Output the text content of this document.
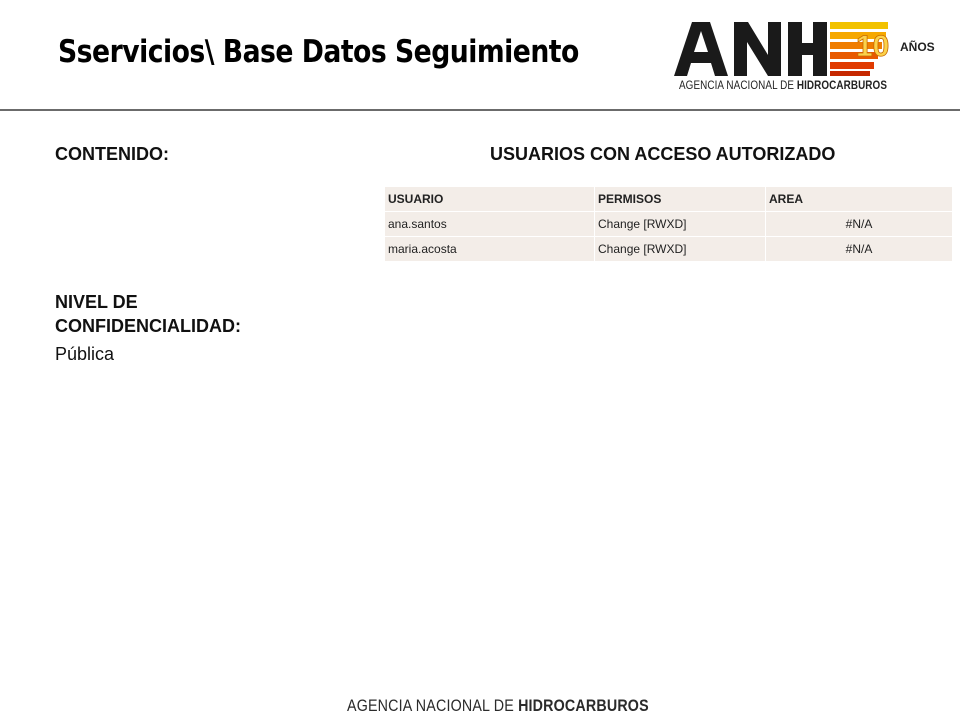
Sservicios\ Base Datos Seguimiento	10 AÑOS
AGENCIA NACIONAL DE HIDROCARBUROS

CONTENIDO:	USUARIOS CON ACCESO AUTORIZADO

USUARIO	PERMISOS	AREA
ana.santos	Change [RWXD]	#N/A
maria.acosta	Change [RWXD]	#N/A

NIVEL DE CONFIDENCIALIDAD:

Pública

AGENCIA NACIONAL DE HIDROCARBUROS
